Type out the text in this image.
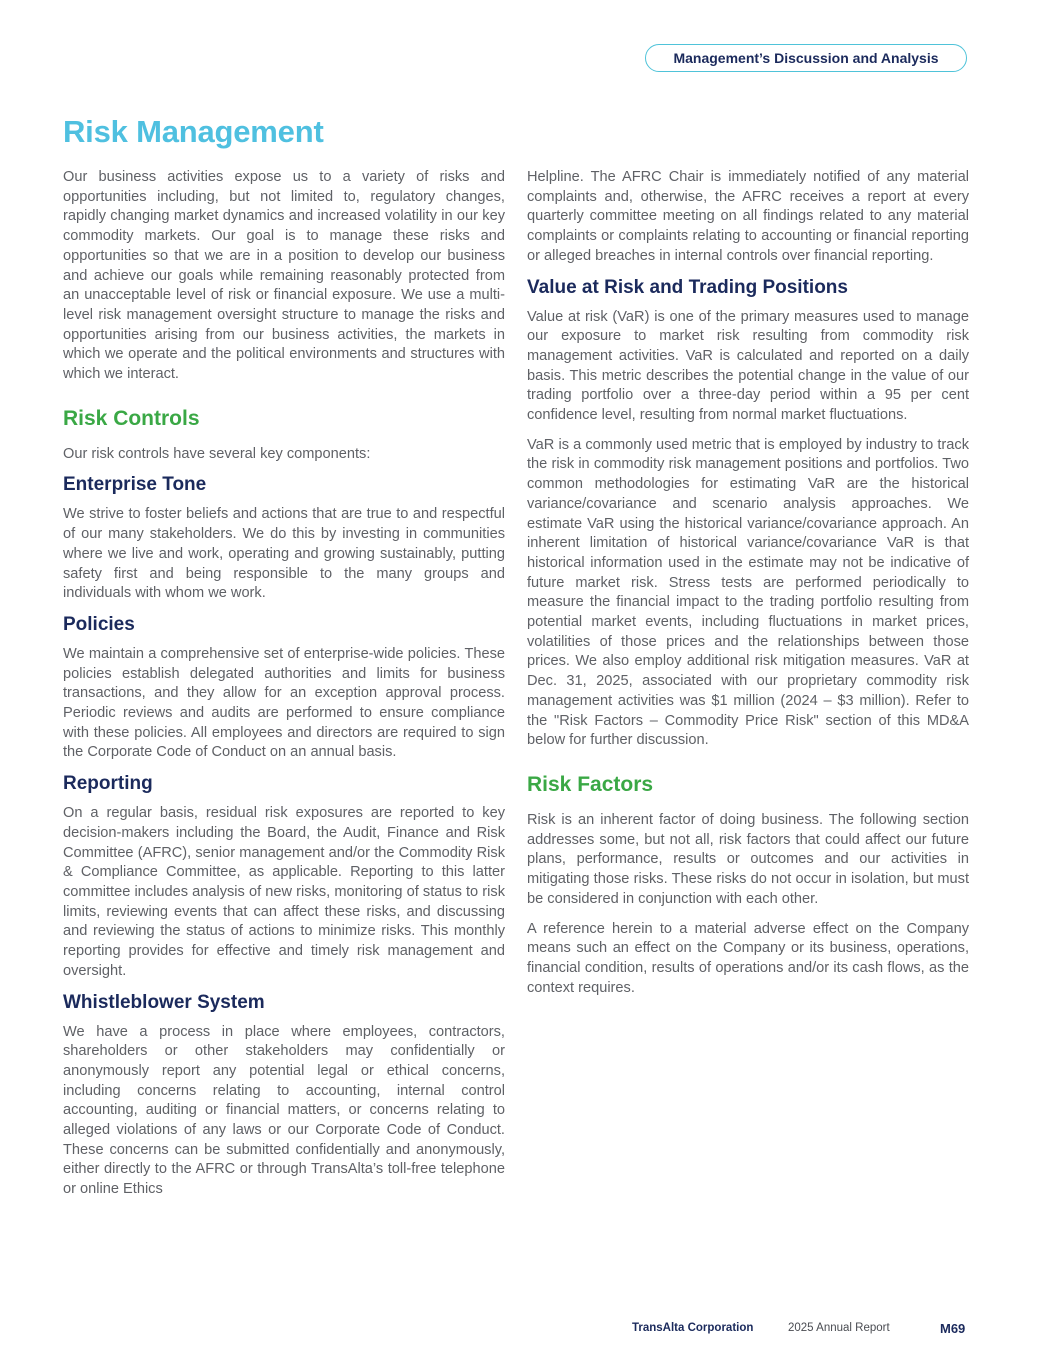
Management’s Discussion and Analysis
Risk Management

Our business activities expose us to a variety of risks and opportunities including, but not limited to, regulatory changes, rapidly changing market dynamics and increased volatility in our key commodity markets. Our goal is to manage these risks and opportunities so that we are in a position to develop our business and achieve our goals while remaining reasonably protected from an unacceptable level of risk or financial exposure. We use a multi-level risk management oversight structure to manage the risks and opportunities arising from our business activities, the markets in which we operate and the political environments and structures with which we interact.

Risk Controls

Our risk controls have several key components:

Enterprise Tone

We strive to foster beliefs and actions that are true to and respectful of our many stakeholders. We do this by investing in communities where we live and work, operating and growing sustainably, putting safety first and being responsible to the many groups and individuals with whom we work.

Policies

We maintain a comprehensive set of enterprise-wide policies. These policies establish delegated authorities and limits for business transactions, and they allow for an exception approval process. Periodic reviews and audits are performed to ensure compliance with these policies. All employees and directors are required to sign the Corporate Code of Conduct on an annual basis.

Reporting

On a regular basis, residual risk exposures are reported to key decision-makers including the Board, the Audit, Finance and Risk Committee (AFRC), senior management and/or the Commodity Risk & Compliance Committee, as applicable. Reporting to this latter committee includes analysis of new risks, monitoring of status to risk limits, reviewing events that can affect these risks, and discussing and reviewing the status of actions to minimize risks. This monthly reporting provides for effective and timely risk management and oversight.

Whistleblower System

We have a process in place where employees, contractors, shareholders or other stakeholders may confidentially or anonymously report any potential legal or ethical concerns, including concerns relating to accounting, internal control accounting, auditing or financial matters, or concerns relating to alleged violations of any laws or our Corporate Code of Conduct. These concerns can be submitted confidentially and anonymously, either directly to the AFRC or through TransAlta’s toll-free telephone or online Ethics

Helpline. The AFRC Chair is immediately notified of any material complaints and, otherwise, the AFRC receives a report at every quarterly committee meeting on all findings related to any material complaints or complaints relating to accounting or financial reporting or alleged breaches in internal controls over financial reporting.

Value at Risk and Trading Positions

Value at risk (VaR) is one of the primary measures used to manage our exposure to market risk resulting from commodity risk management activities. VaR is calculated and reported on a daily basis. This metric describes the potential change in the value of our trading portfolio over a three-day period within a 95 per cent confidence level, resulting from normal market fluctuations.

VaR is a commonly used metric that is employed by industry to track the risk in commodity risk management positions and portfolios. Two common methodologies for estimating VaR are the historical variance/covariance and scenario analysis approaches. We estimate VaR using the historical variance/covariance approach. An inherent limitation of historical variance/covariance VaR is that historical information used in the estimate may not be indicative of future market risk. Stress tests are performed periodically to measure the financial impact to the trading portfolio resulting from potential market events, including fluctuations in market prices, volatilities of those prices and the relationships between those prices. We also employ additional risk mitigation measures. VaR at Dec. 31, 2025, associated with our proprietary commodity risk management activities was $1 million (2024 – $3 million). Refer to the "Risk Factors – Commodity Price Risk" section of this MD&A below for further discussion.

Risk Factors

Risk is an inherent factor of doing business. The following section addresses some, but not all, risk factors that could affect our future plans, performance, results or outcomes and our activities in mitigating those risks. These risks do not occur in isolation, but must be considered in conjunction with each other.

A reference herein to a material adverse effect on the Company means such an effect on the Company or its business, operations, financial condition, results of operations and/or its cash flows, as the context requires.

TransAlta Corporation	2025 Annual Report	M69
